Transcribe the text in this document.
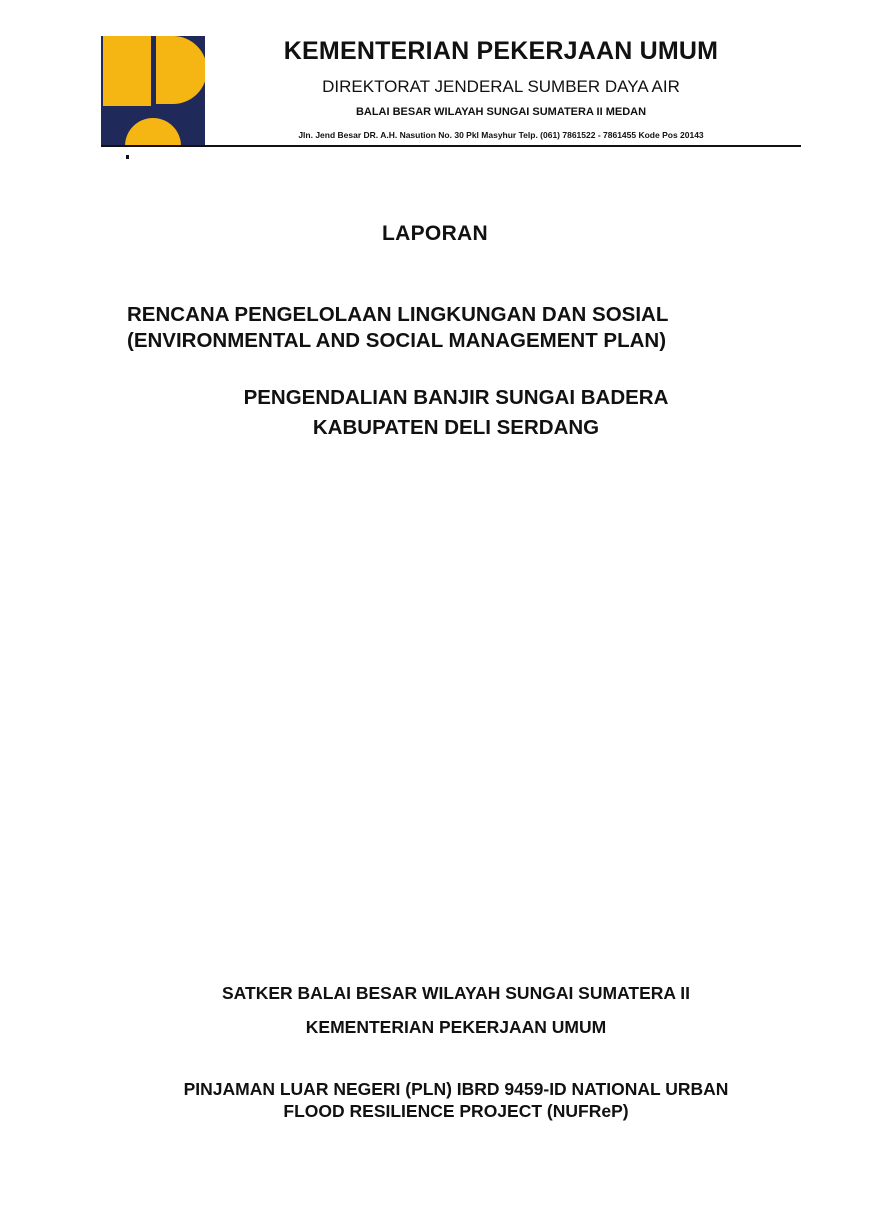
KEMENTERIAN PEKERJAAN UMUM
DIREKTORAT JENDERAL SUMBER DAYA AIR
BALAI BESAR WILAYAH SUNGAI SUMATERA II MEDAN
Jln. Jend Besar DR. A.H. Nasution No. 30 Pkl Masyhur Telp. (061) 7861522 - 7861455 Kode Pos 20143
LAPORAN
RENCANA PENGELOLAAN LINGKUNGAN DAN SOSIAL
(ENVIRONMENTAL AND SOCIAL MANAGEMENT PLAN)
PENGENDALIAN BANJIR SUNGAI BADERA
KABUPATEN DELI SERDANG
SATKER BALAI BESAR WILAYAH SUNGAI SUMATERA II
KEMENTERIAN PEKERJAAN UMUM
PINJAMAN LUAR NEGERI (PLN) IBRD 9459-ID NATIONAL URBAN
FLOOD RESILIENCE PROJECT (NUFReP)
